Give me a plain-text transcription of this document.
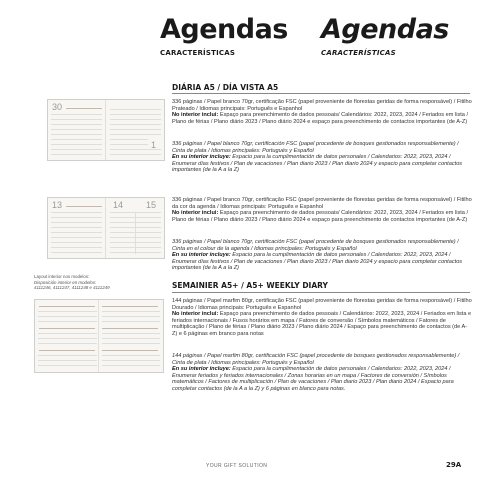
Agendas Agendas
CARACTERÍSTICAS	CARACTERÍSTICAS
DIÁRIA A5 / DÍA VISTA A5
30
1

336 páginas / Papel branco 70gr, certificação FSC (papel proveniente de florestas geridas de forma responsável) / Fitilho Prateado / Idiomas principais: Português e Espanhol
No interior inclui: Espaço para preenchimento de dados pessoais/ Calendários: 2022, 2023, 2024 / Feriados em lista / Plano de férias / Plano diário 2023 / Plano diário 2024 e espaço para preenchimento de contactos importantes (de A-Z)

336 páginas / Papel blanco 70gr, certificación FSC (papel procedente de bosques gestionados responsablemente) / Cinta de plata / Idiomas principales: Portugués y Español
En su interior incluye: Espacio para la cumplimentación de datos personales / Calendarios: 2022, 2023, 2024 / Enumerar días festivos / Plan de vacaciones / Plan diario 2023 / Plan diario 2024 y espacio para completar contactos importantes (de la A a la Z)

13	14	15	336 páginas / Papel branco 70gr, certificação FSC (papel proveniente de florestas geridas de forma responsável) / Fitilho da cor da agenda / Idiomas principais: Português e Espanhol
No interior inclui: Espaço para preenchimento de dados pessoais/ Calendários: 2022, 2023, 2024 / Feriados em lista / Plano de férias / Plano diário 2023 / Plano diário 2024 e espaço para preenchimento de contactos importantes (de A-Z)

336 páginas / Papel blanco 70gr, certificación FSC (papel procedente de bosques gestionados responsablemente) / Cinta en el colour de la agenda / Idiomas principales: Portugués y Español
En su interior incluye: Espacio para la cumplimentación de datos personales / Calendarios: 2022, 2023, 2024 / Enumerar días festivos / Plan de vacaciones / Plan diario 2023 / Plan diario 2024 y espacio para completar contactos importantes (de la A a la Z)

Layout interior nos modelos:
Disposición interior en modelos:
4111246, 4111247, 4111248 e 4111249	SEMAINIER A5+ / A5+ WEEKLY DIARY

144 páginas / Papel marfim 80gr, certificação FSC (papel proveniente de florestas geridas de forma responsável) / Fitilho Dourado / Idiomas principais: Português e Espanhol
No interior inclui: Espaço para preenchimento de dados pessoais / Calendários: 2022, 2023, 2024 / Feriados em lista e feriados internacionais / Fusos horários em mapa / Fatores de conversão / Símbolos matemáticos / Fatores de multiplicação / Plano de férias / Plano diário 2023 / Plano diário 2024 / Espaço para preenchimento de contactos (de A-Z) e 6 páginas em branco para notas

144 páginas / Papel marfim 80gr, certificación FSC (papel procedente de bosques gestionados responsablemente) / Cinta de plata / Idiomas principales: Portugués y Español
En su interior incluye: Espacio para la cumplimentación de datos personales / Calendarios: 2022, 2023, 2024 / Enumerar feriados y feriados internacionales / Zonas horarias en un mapa / Factores de conversión / Símbolos matemáticos / Factores de multiplicación / Plan de vacaciones / Plan diario 2023 / Plan diario 2024 / Espacio para completar contactos (de la A a la Z) y 6 páginas en blanco para notas.

YOUR GIFT SOLUTION	29A
